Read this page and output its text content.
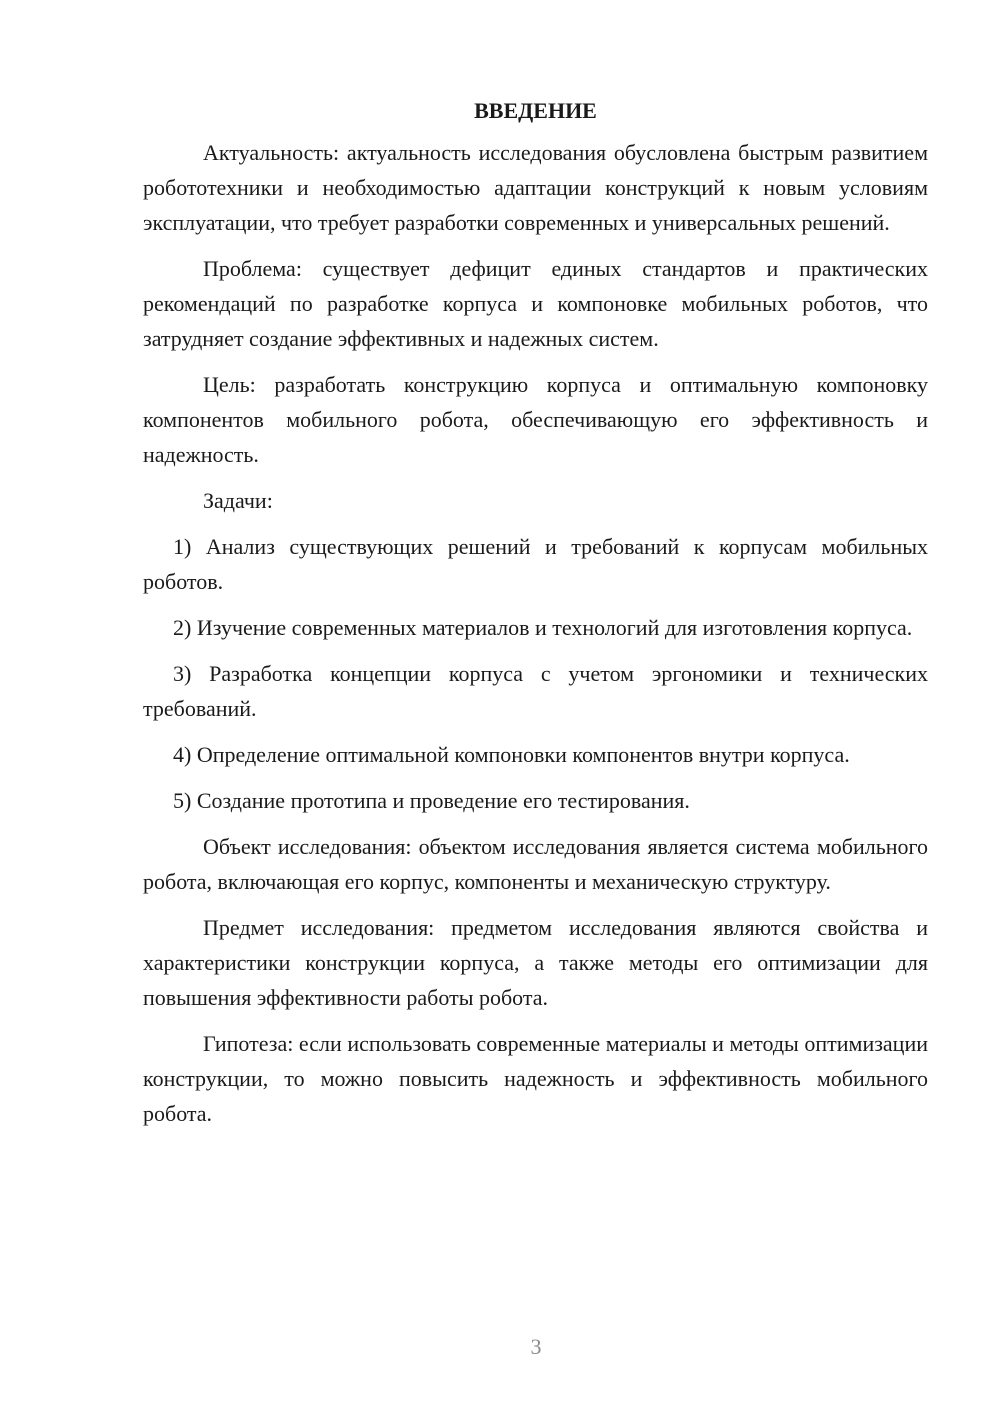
ВВЕДЕНИЕ

Актуальность: актуальность исследования обусловлена быстрым развитием робототехники и необходимостью адаптации конструкций к новым условиям эксплуатации, что требует разработки современных и универсальных решений.

Проблема: существует дефицит единых стандартов и практических рекомендаций по разработке корпуса и компоновке мобильных роботов, что затрудняет создание эффективных и надежных систем.

Цель: разработать конструкцию корпуса и оптимальную компоновку компонентов мобильного робота, обеспечивающую его эффективность и надежность.

Задачи:

1) Анализ существующих решений и требований к корпусам мобильных роботов.

2) Изучение современных материалов и технологий для изготовления корпуса.

3) Разработка концепции корпуса с учетом эргономики и технических требований.

4) Определение оптимальной компоновки компонентов внутри корпуса.

5) Создание прототипа и проведение его тестирования.

Объект исследования: объектом исследования является система мобильного робота, включающая его корпус, компоненты и механическую структуру.

Предмет исследования: предметом исследования являются свойства и характеристики конструкции корпуса, а также методы его оптимизации для повышения эффективности работы робота.

Гипотеза: если использовать современные материалы и методы оптимизации конструкции, то можно повысить надежность и эффективность мобильного робота.

3
